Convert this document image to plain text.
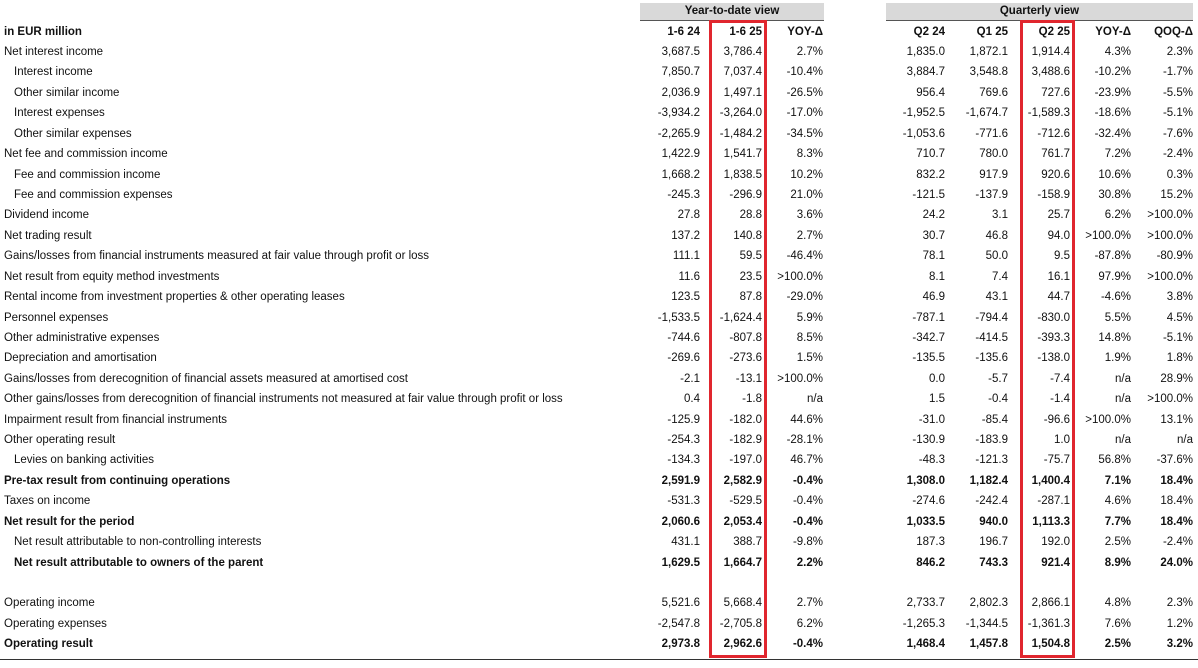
Year-to-date view	Quarterly view
in EUR million	1-6 24	1-6 25	YOY-Δ	Q2 24	Q1 25	Q2 25	YOY-Δ	QOQ-Δ
Net interest income	3,687.5	3,786.4	2.7%	1,835.0	1,872.1	1,914.4	4.3%	2.3%
Interest income	7,850.7	7,037.4	-10.4%	3,884.7	3,548.8	3,488.6	-10.2%	-1.7%
Other similar income	2,036.9	1,497.1	-26.5%	956.4	769.6	727.6	-23.9%	-5.5%
Interest expenses	-3,934.2	-3,264.0	-17.0%	-1,952.5	-1,674.7	-1,589.3	-18.6%	-5.1%
Other similar expenses	-2,265.9	-1,484.2	-34.5%	-1,053.6	-771.6	-712.6	-32.4%	-7.6%
Net fee and commission income	1,422.9	1,541.7	8.3%	710.7	780.0	761.7	7.2%	-2.4%
Fee and commission income	1,668.2	1,838.5	10.2%	832.2	917.9	920.6	10.6%	0.3%
Fee and commission expenses	-245.3	-296.9	21.0%	-121.5	-137.9	-158.9	30.8%	15.2%
Dividend income	27.8	28.8	3.6%	24.2	3.1	25.7	6.2%	>100.0%
Net trading result	137.2	140.8	2.7%	30.7	46.8	94.0	>100.0%	>100.0%
Gains/losses from financial instruments measured at fair value through profit or loss	111.1	59.5	-46.4%	78.1	50.0	9.5	-87.8%	-80.9%
Net result from equity method investments	11.6	23.5	>100.0%	8.1	7.4	16.1	97.9%	>100.0%
Rental income from investment properties & other operating leases	123.5	87.8	-29.0%	46.9	43.1	44.7	-4.6%	3.8%
Personnel expenses	-1,533.5	-1,624.4	5.9%	-787.1	-794.4	-830.0	5.5%	4.5%
Other administrative expenses	-744.6	-807.8	8.5%	-342.7	-414.5	-393.3	14.8%	-5.1%
Depreciation and amortisation	-269.6	-273.6	1.5%	-135.5	-135.6	-138.0	1.9%	1.8%
Gains/losses from derecognition of financial assets measured at amortised cost	-2.1	-13.1	>100.0%	0.0	-5.7	-7.4	n/a	28.9%
Other gains/losses from derecognition of financial instruments not measured at fair value through profit or loss	0.4	-1.8	n/a	1.5	-0.4	-1.4	n/a	>100.0%
Impairment result from financial instruments	-125.9	-182.0	44.6%	-31.0	-85.4	-96.6	>100.0%	13.1%
Other operating result	-254.3	-182.9	-28.1%	-130.9	-183.9	1.0	n/a	n/a
Levies on banking activities	-134.3	-197.0	46.7%	-48.3	-121.3	-75.7	56.8%	-37.6%
Pre-tax result from continuing operations	2,591.9	2,582.9	-0.4%	1,308.0	1,182.4	1,400.4	7.1%	18.4%
Taxes on income	-531.3	-529.5	-0.4%	-274.6	-242.4	-287.1	4.6%	18.4%
Net result for the period	2,060.6	2,053.4	-0.4%	1,033.5	940.0	1,113.3	7.7%	18.4%
Net result attributable to non-controlling interests	431.1	388.7	-9.8%	187.3	196.7	192.0	2.5%	-2.4%
Net result attributable to owners of the parent	1,629.5	1,664.7	2.2%	846.2	743.3	921.4	8.9%	24.0%
Operating income	5,521.6	5,668.4	2.7%	2,733.7	2,802.3	2,866.1	4.8%	2.3%
Operating expenses	-2,547.8	-2,705.8	6.2%	-1,265.3	-1,344.5	-1,361.3	7.6%	1.2%
Operating result	2,973.8	2,962.6	-0.4%	1,468.4	1,457.8	1,504.8	2.5%	3.2%
